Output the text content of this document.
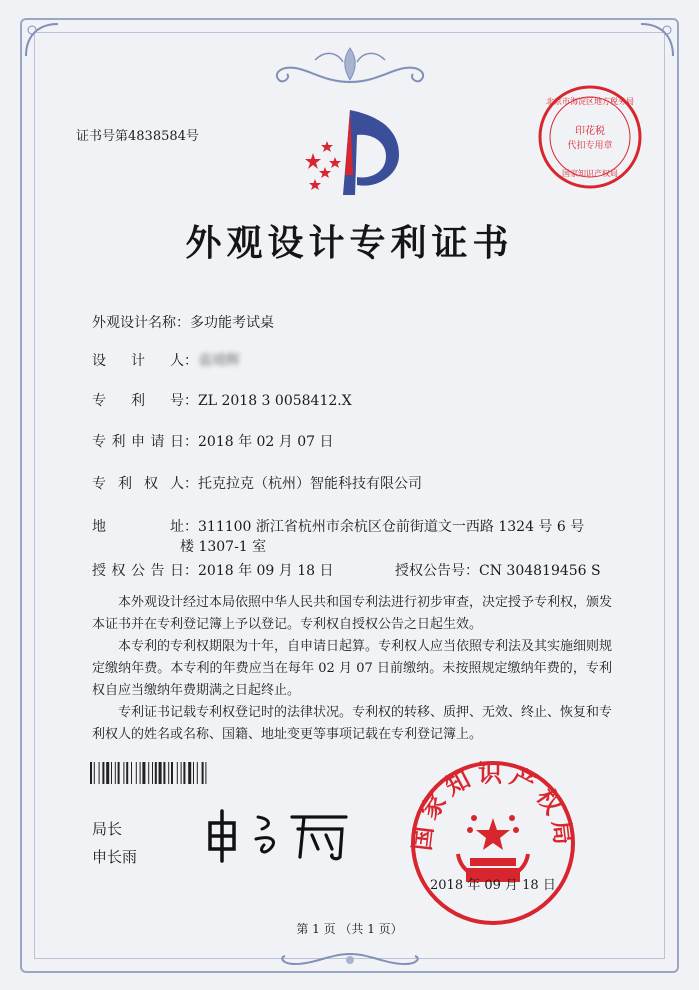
证书号第4838584号
北京市海淀区地方税务局
印花税
代扣专用章
国家知识产权局
外观设计专利证书
外观设计名称：多功能考试桌
设计人：袁靖辉
专利号：ZL 2018 3 0058412.X
专利申请日：2018 年 02 月 07 日
专利权人：托克拉克（杭州）智能科技有限公司
地址：311100 浙江省杭州市余杭区仓前街道文一西路 1324 号 6 号
楼 1307-1 室
授权公告日：2018 年 09 月 18 日	授权公告号：CN 304819456 S

本外观设计经过本局依照中华人民共和国专利法进行初步审查，决定授予专利权，颁发本证书并在专利登记簿上予以登记。专利权自授权公告之日起生效。

本专利的专利权期限为十年，自申请日起算。专利权人应当依照专利法及其实施细则规定缴纳年费。本专利的年费应当在每年 02 月 07 日前缴纳。未按照规定缴纳年费的，专利权自应当缴纳年费期满之日起终止。

专利证书记载专利权登记时的法律状况。专利权的转移、质押、无效、终止、恢复和专利权人的姓名或名称、国籍、地址变更等事项记载在专利登记簿上。

局长
申长雨
国家知识产权局
2018 年 09 月 18 日
第 1 页 （共 1 页）
